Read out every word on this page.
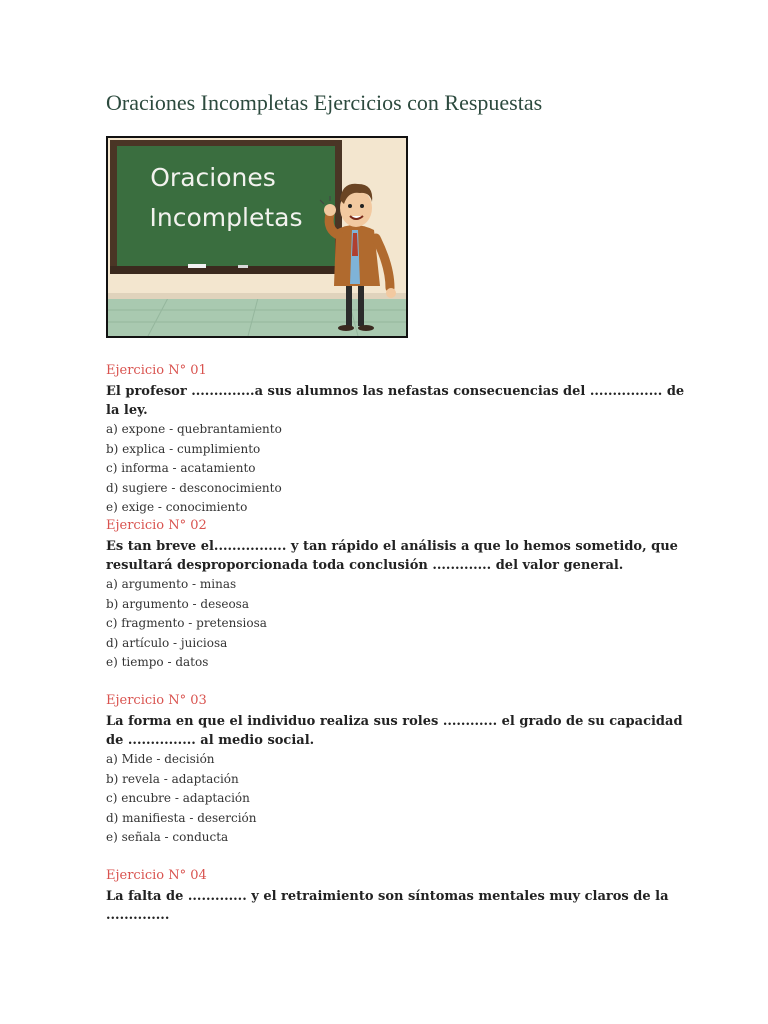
Oraciones Incompletas Ejercicios con Respuestas
Oraciones
Incompletas

Ejercicio N° 01

El profesor ..............a sus alumnos las nefastas consecuencias del ................ de la ley.

a) expone - quebrantamiento
b) explica - cumplimiento
c) informa - acatamiento
d) sugiere - desconocimiento
e) exige - conocimiento

Ejercicio N° 02

Es tan breve el................ y tan rápido el análisis a que lo hemos sometido, que resultará desproporcionada toda conclusión ............. del valor general.

a) argumento - minas
b) argumento - deseosa
c) fragmento - pretensiosa
d) artículo - juiciosa
e) tiempo - datos

Ejercicio N° 03

La forma en que el individuo realiza sus roles ............ el grado de su capacidad de ............... al medio social.

a) Mide - decisión
b) revela - adaptación
c) encubre - adaptación
d) manifiesta - deserción
e) señala - conducta

Ejercicio N° 04

La falta de ............. y el retraimiento son síntomas mentales muy claros de la ..............
